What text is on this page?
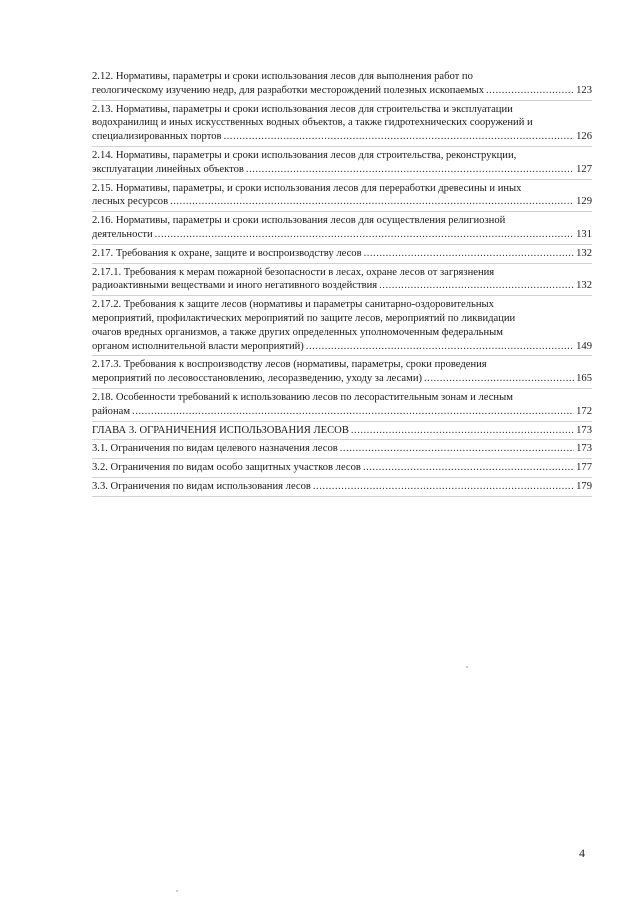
2.12. Нормативы, параметры и сроки использования лесов для выполнения работ по
геологическому изучению недр, для разработки месторождений полезных ископаемых .....	123
2.13. Нормативы, параметры и сроки использования лесов для строительства и эксплуатации
водохранилищ и иных искусственных водных объектов, а также гидротехнических сооружений и
специализированных портов .....	126
2.14. Нормативы, параметры и сроки использования лесов для строительства, реконструкции,
эксплуатации линейных объектов .....	127
2.15. Нормативы, параметры, и сроки использования лесов для переработки древесины и иных
лесных ресурсов .....	129
2.16. Нормативы, параметры и сроки использования лесов для осуществления религиозной
деятельности .....	131
2.17. Требования к охране, защите и воспроизводству лесов .....	132
2.17.1. Требования к мерам пожарной безопасности в лесах, охране лесов от загрязнения
радиоактивными веществами и иного негативного воздействия .....	132
2.17.2. Требования к защите лесов (нормативы и параметры санитарно-оздоровительных
мероприятий, профилактических мероприятий по защите лесов, мероприятий по ликвидации
очагов вредных организмов, а также других определенных уполномоченным федеральным
органом исполнительной власти мероприятий) .....	149
2.17.3. Требования к воспроизводству лесов (нормативы, параметры, сроки проведения
мероприятий по лесовосстановлению, лесоразведению, уходу за лесами) .....	165
2.18. Особенности требований к использованию лесов по лесорастительным зонам и лесным
районам .....	172
ГЛАВА 3. ОГРАНИЧЕНИЯ ИСПОЛЬЗОВАНИЯ ЛЕСОВ .....	173
3.1. Ограничения по видам целевого назначения лесов .....	173
3.2. Ограничения по видам особо защитных участков лесов .....	177
3.3. Ограничения по видам использования лесов .....	179
4
